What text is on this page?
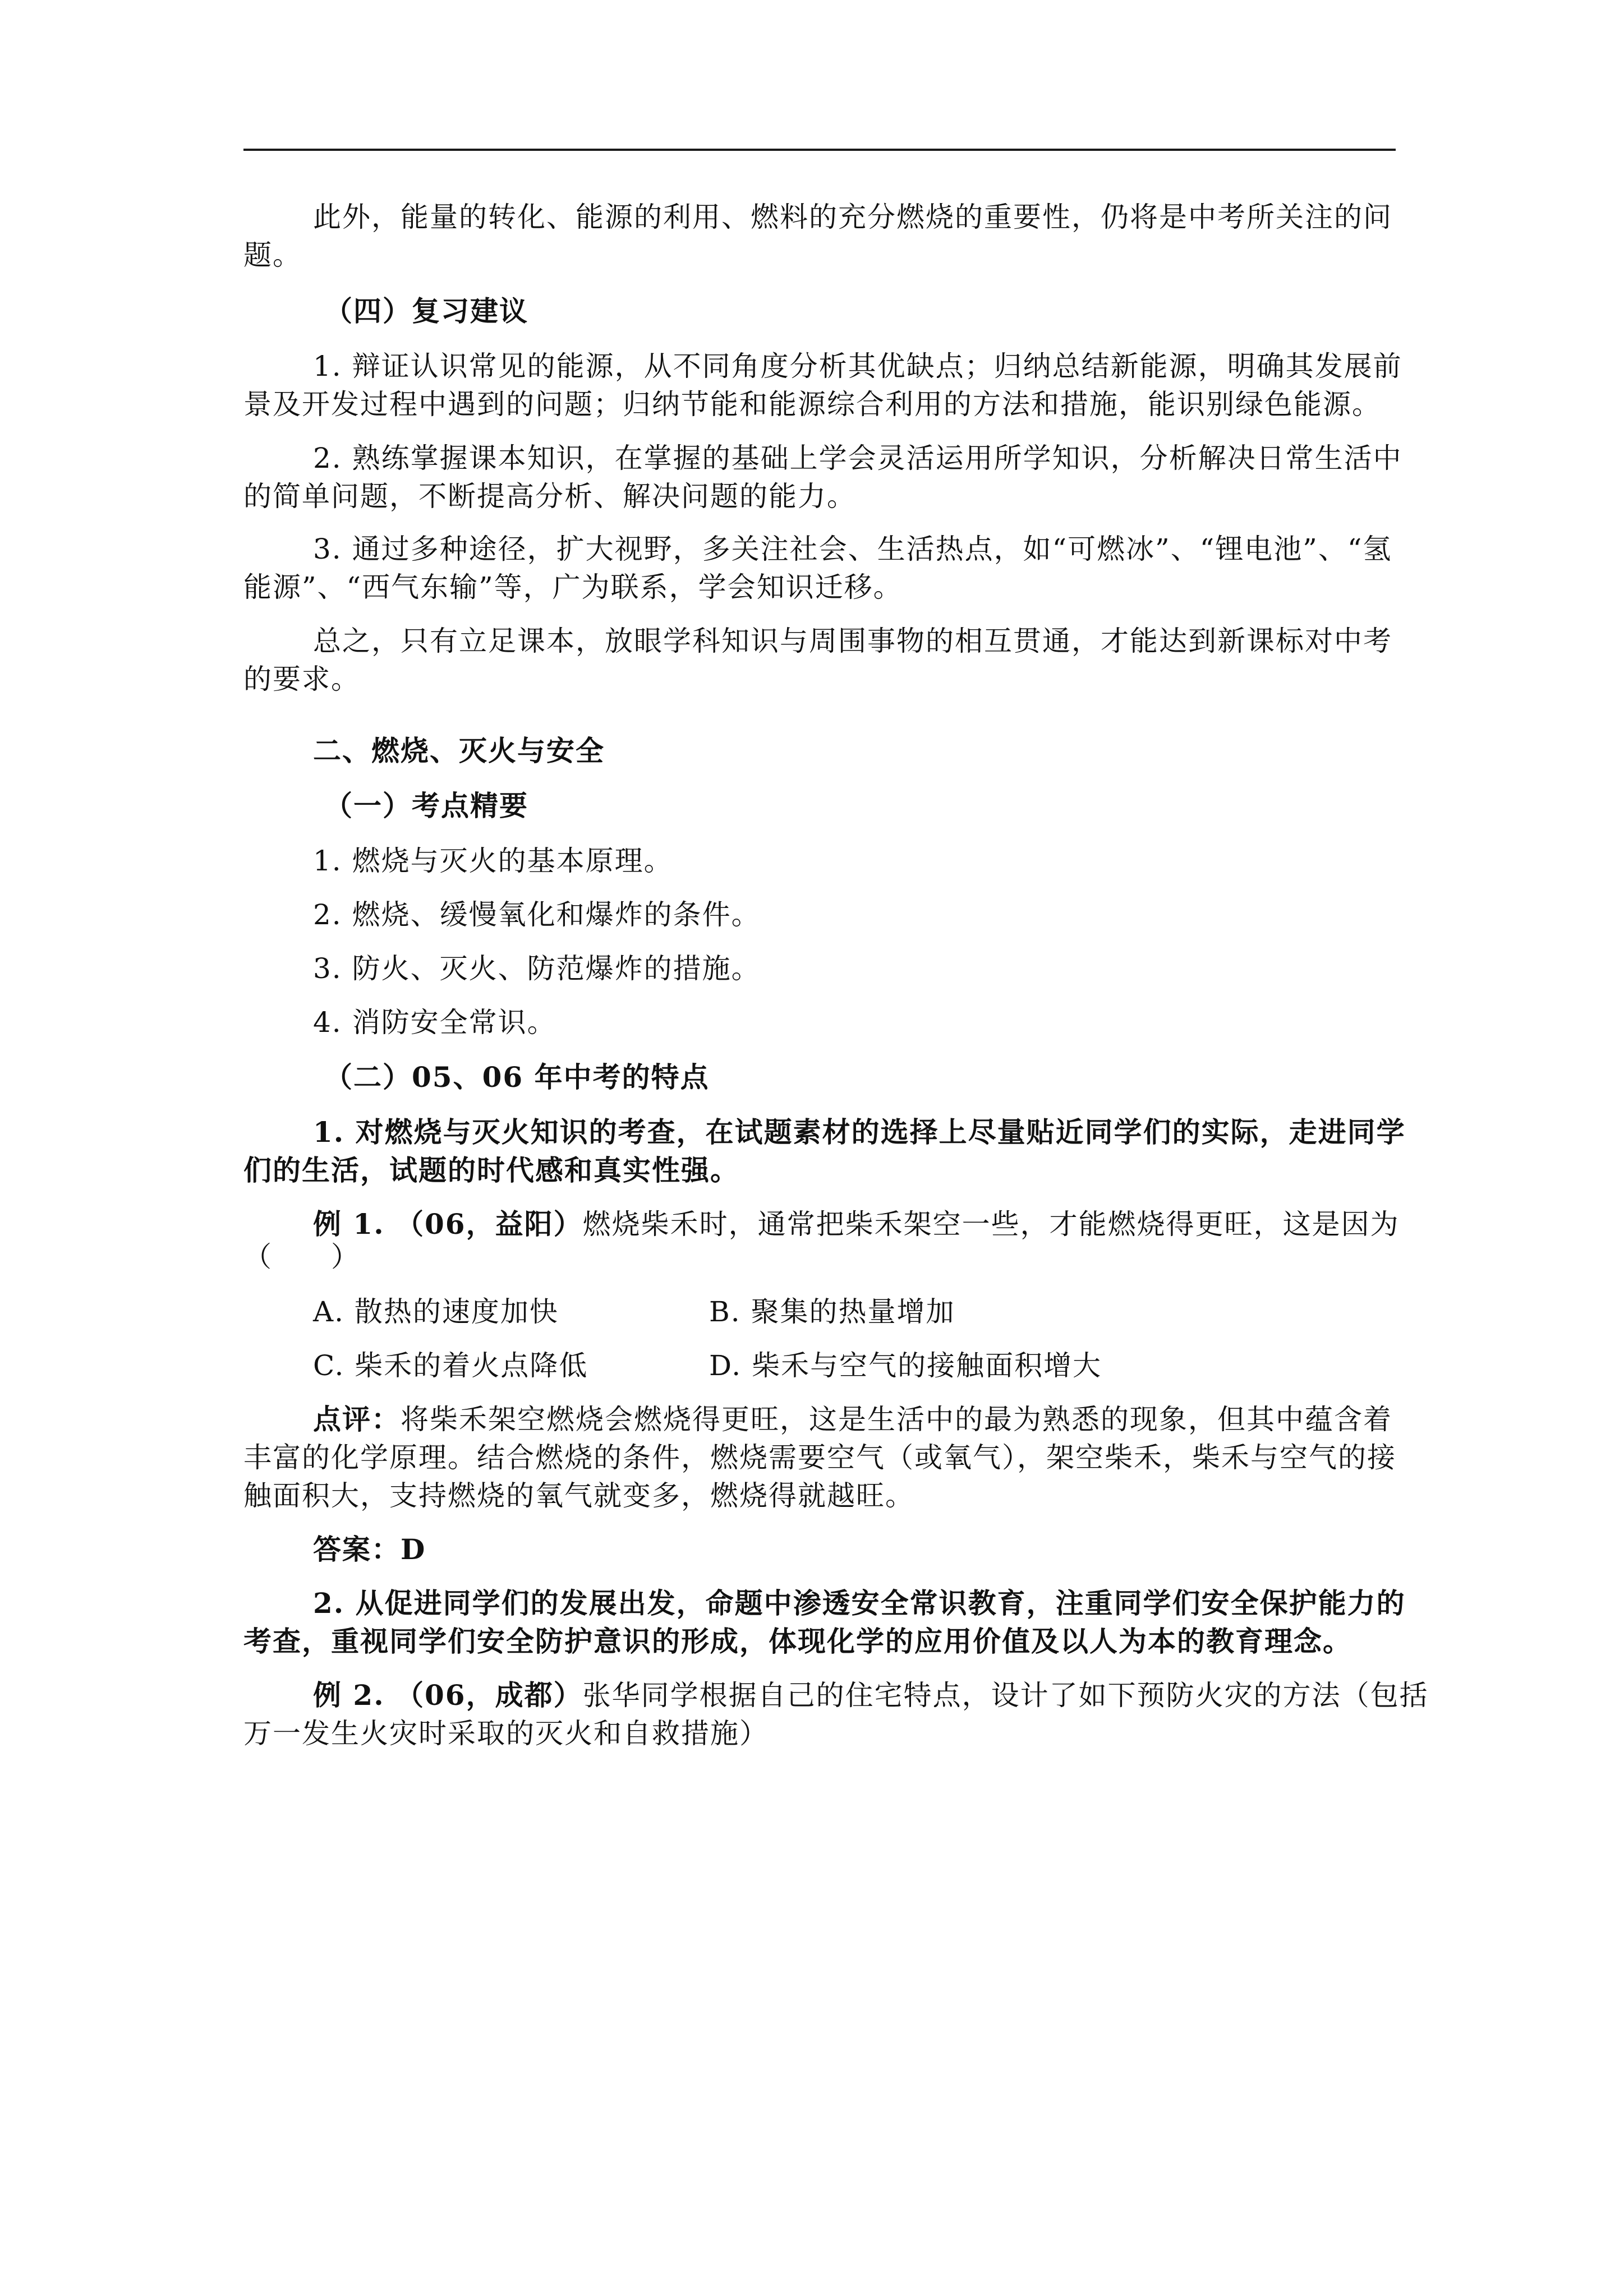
此外，能量的转化、能源的利用、燃料的充分燃烧的重要性，仍将是中考所关注的问
题。
（四）复习建议
1. 辩证认识常见的能源，从不同角度分析其优缺点；归纳总结新能源，明确其发展前
景及开发过程中遇到的问题；归纳节能和能源综合利用的方法和措施，能识别绿色能源。
2. 熟练掌握课本知识，在掌握的基础上学会灵活运用所学知识，分析解决日常生活中
的简单问题，不断提高分析、解决问题的能力。
3. 通过多种途径，扩大视野，多关注社会、生活热点，如“可燃冰”、“锂电池”、“氢
能源”、“西气东输”等，广为联系，学会知识迁移。
总之，只有立足课本，放眼学科知识与周围事物的相互贯通，才能达到新课标对中考
的要求。
二、燃烧、灭火与安全
（一）考点精要
1. 燃烧与灭火的基本原理。
2. 燃烧、缓慢氧化和爆炸的条件。
3. 防火、灭火、防范爆炸的措施。
4. 消防安全常识。
（二）05、06 年中考的特点
1. 对燃烧与灭火知识的考查，在试题素材的选择上尽量贴近同学们的实际，走进同学
们的生活，试题的时代感和真实性强。
例 1. （06，益阳）燃烧柴禾时，通常把柴禾架空一些，才能燃烧得更旺，这是因为
（　　）
A. 散热的速度加快	B. 聚集的热量增加
C. 柴禾的着火点降低	D. 柴禾与空气的接触面积增大
点评：将柴禾架空燃烧会燃烧得更旺，这是生活中的最为熟悉的现象，但其中蕴含着
丰富的化学原理。结合燃烧的条件，燃烧需要空气（或氧气），架空柴禾，柴禾与空气的接
触面积大，支持燃烧的氧气就变多，燃烧得就越旺。
答案：D
2. 从促进同学们的发展出发，命题中渗透安全常识教育，注重同学们安全保护能力的
考查，重视同学们安全防护意识的形成，体现化学的应用价值及以人为本的教育理念。
例 2. （06，成都）张华同学根据自己的住宅特点，设计了如下预防火灾的方法（包括
万一发生火灾时采取的灭火和自救措施）
